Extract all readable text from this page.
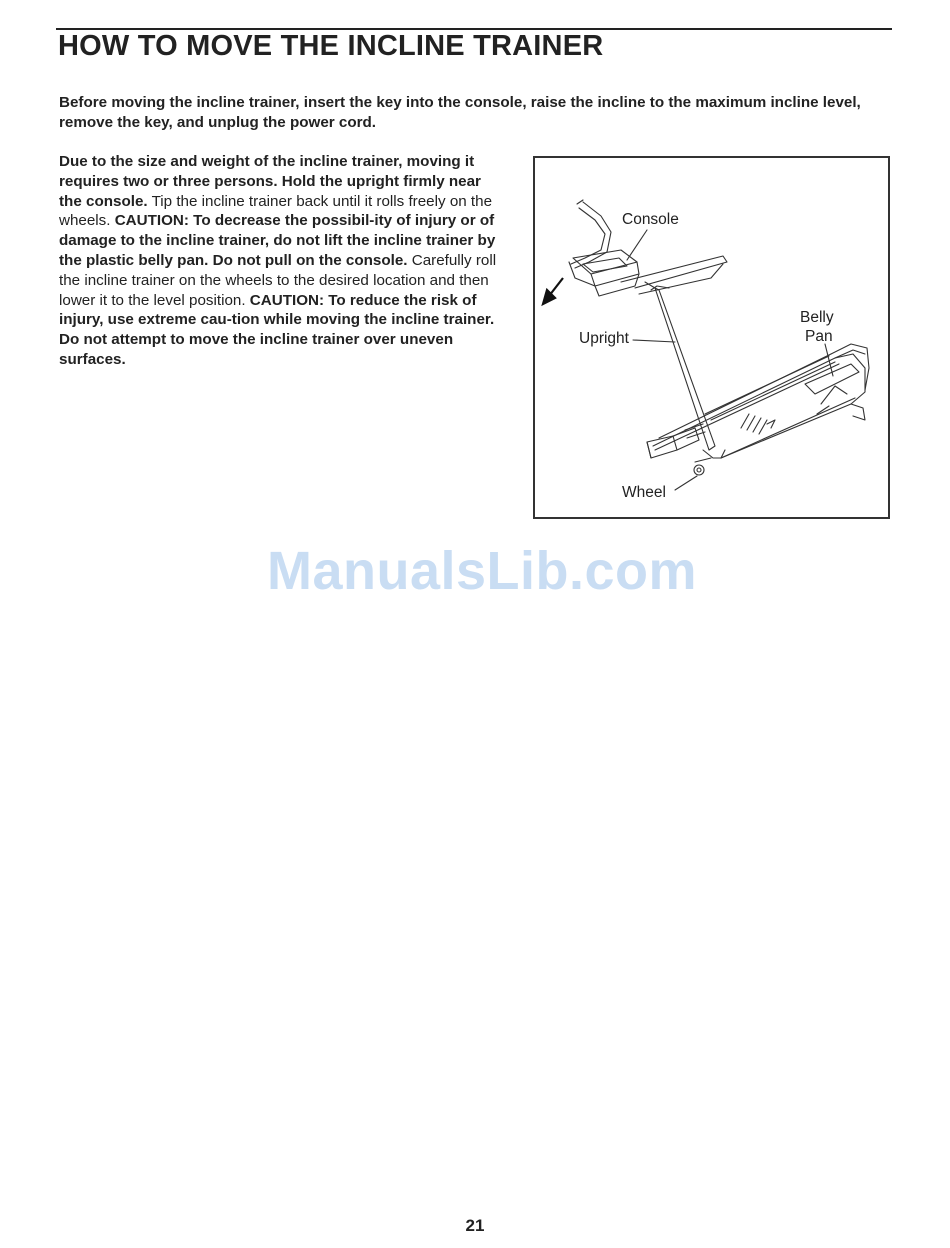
HOW TO MOVE THE INCLINE TRAINER

Before moving the incline trainer, insert the key into the console, raise the incline to the maximum incline level, remove the key, and unplug the power cord.

Due to the size and weight of the incline trainer, moving it requires two or three persons. Hold the upright firmly near the console. Tip the incline trainer back until it rolls freely on the wheels. CAUTION: To decrease the possibil-ity of injury or of damage to the incline trainer, do not lift the incline trainer by the plastic belly pan. Do not pull on the console. Carefully roll the incline trainer on the wheels to the desired location and then lower it to the level position. CAUTION: To reduce the risk of injury, use extreme cau-tion while moving the incline trainer. Do not attempt to move the incline trainer over uneven surfaces.

Console
Belly
Pan
Upright
Wheel
ManualsLib.com
21
